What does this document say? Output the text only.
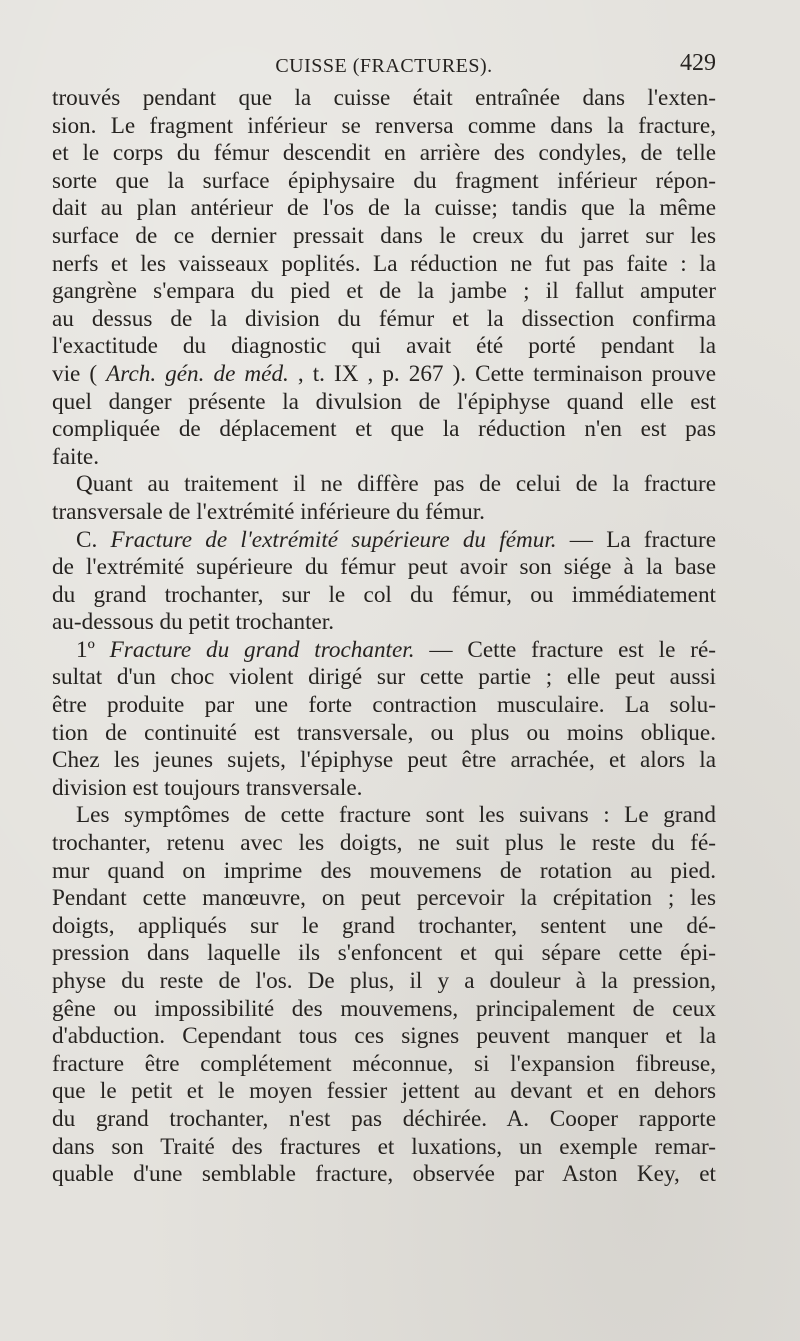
CUISSE (FRACTURES).	429
trouvés pendant que la cuisse était entraînée dans l'exten-
sion. Le fragment inférieur se renversa comme dans la fracture,
et le corps du fémur descendit en arrière des condyles, de telle
sorte que la surface épiphysaire du fragment inférieur répon-
dait au plan antérieur de l'os de la cuisse; tandis que la même
surface de ce dernier pressait dans le creux du jarret sur les
nerfs et les vaisseaux poplités. La réduction ne fut pas faite : la
gangrène s'empara du pied et de la jambe ; il fallut amputer
au dessus de la division du fémur et la dissection confirma
l'exactitude du diagnostic qui avait été porté pendant la
vie ( Arch. gén. de méd. , t. IX , p. 267 ). Cette terminaison prouve
quel danger présente la divulsion de l'épiphyse quand elle est
compliquée de déplacement et que la réduction n'en est pas
faite.
Quant au traitement il ne diffère pas de celui de la fracture
transversale de l'extrémité inférieure du fémur.
C. Fracture de l'extrémité supérieure du fémur. — La fracture
de l'extrémité supérieure du fémur peut avoir son siége à la base
du grand trochanter, sur le col du fémur, ou immédiatement
au-dessous du petit trochanter.
1º Fracture du grand trochanter. — Cette fracture est le ré-
sultat d'un choc violent dirigé sur cette partie ; elle peut aussi
être produite par une forte contraction musculaire. La solu-
tion de continuité est transversale, ou plus ou moins oblique.
Chez les jeunes sujets, l'épiphyse peut être arrachée, et alors la
division est toujours transversale.
Les symptômes de cette fracture sont les suivans : Le grand
trochanter, retenu avec les doigts, ne suit plus le reste du fé-
mur quand on imprime des mouvemens de rotation au pied.
Pendant cette manœuvre, on peut percevoir la crépitation ; les
doigts, appliqués sur le grand trochanter, sentent une dé-
pression dans laquelle ils s'enfoncent et qui sépare cette épi-
physe du reste de l'os. De plus, il y a douleur à la pression,
gêne ou impossibilité des mouvemens, principalement de ceux
d'abduction. Cependant tous ces signes peuvent manquer et la
fracture être complétement méconnue, si l'expansion fibreuse,
que le petit et le moyen fessier jettent au devant et en dehors
du grand trochanter, n'est pas déchirée. A. Cooper rapporte
dans son Traité des fractures et luxations, un exemple remar-
quable d'une semblable fracture, observée par Aston Key, et
